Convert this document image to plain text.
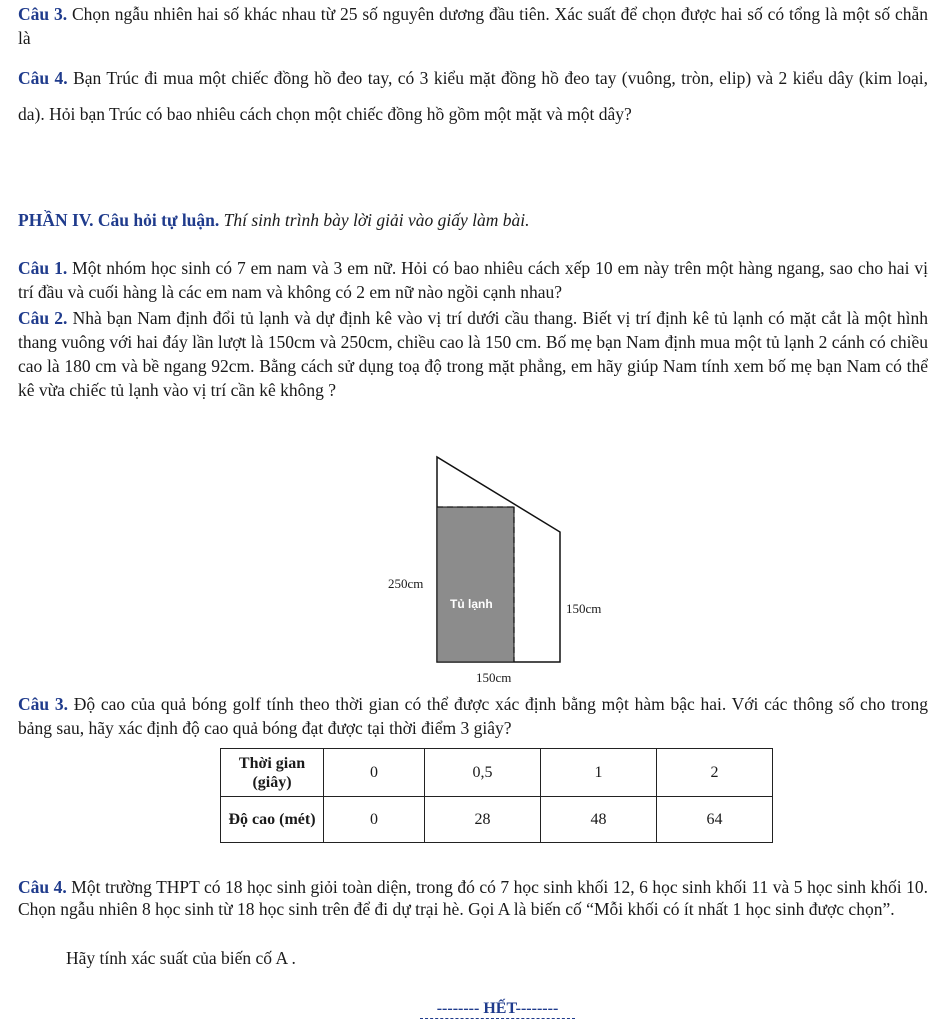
Câu 3. Chọn ngẫu nhiên hai số khác nhau từ 25 số nguyên dương đầu tiên. Xác suất để chọn được hai số có tổng là một số chẵn là
Câu 4. Bạn Trúc đi mua một chiếc đồng hồ đeo tay, có 3 kiểu mặt đồng hồ đeo tay (vuông, tròn, elip) và 2 kiểu dây (kim loại, da). Hỏi bạn Trúc có bao nhiêu cách chọn một chiếc đồng hồ gồm một mặt và một dây?
PHẦN IV. Câu hỏi tự luận. Thí sinh trình bày lời giải vào giấy làm bài.
Câu 1. Một nhóm học sinh có 7 em nam và 3 em nữ. Hỏi có bao nhiêu cách xếp 10 em này trên một hàng ngang, sao cho hai vị trí đầu và cuối hàng là các em nam và không có 2 em nữ nào ngồi cạnh nhau?
Câu 2. Nhà bạn Nam định đổi tủ lạnh và dự định kê vào vị trí dưới cầu thang. Biết vị trí định kê tủ lạnh có mặt cắt là một hình thang vuông với hai đáy lần lượt là 150cm và 250cm, chiều cao là 150 cm. Bố mẹ bạn Nam định mua một tủ lạnh 2 cánh có chiều cao là 180 cm và bề ngang 92cm. Bằng cách sử dụng toạ độ trong mặt phẳng, em hãy giúp Nam tính xem bố mẹ bạn Nam có thể kê vừa chiếc tủ lạnh vào vị trí cần kê không ?
250cm
Tủ lạnh	150cm
150cm
Câu 3. Độ cao của quả bóng golf tính theo thời gian có thể được xác định bằng một hàm bậc hai. Với các thông số cho trong bảng sau, hãy xác định độ cao quả bóng đạt được tại thời điểm 3 giây?
Thời gian (giây)	0	0,5	1	2
Độ cao (mét)	0	28	48	64
Câu 4. Một trường THPT có 18 học sinh giỏi toàn diện, trong đó có 7 học sinh khối 12, 6 học sinh khối 11 và 5 học sinh khối 10. Chọn ngẫu nhiên 8 học sinh từ 18 học sinh trên để đi dự trại hè. Gọi A là biến cố “Mỗi khối có ít nhất 1 học sinh được chọn”.
Hãy tính xác suất của biến cố A .
-------- HẾT--------
